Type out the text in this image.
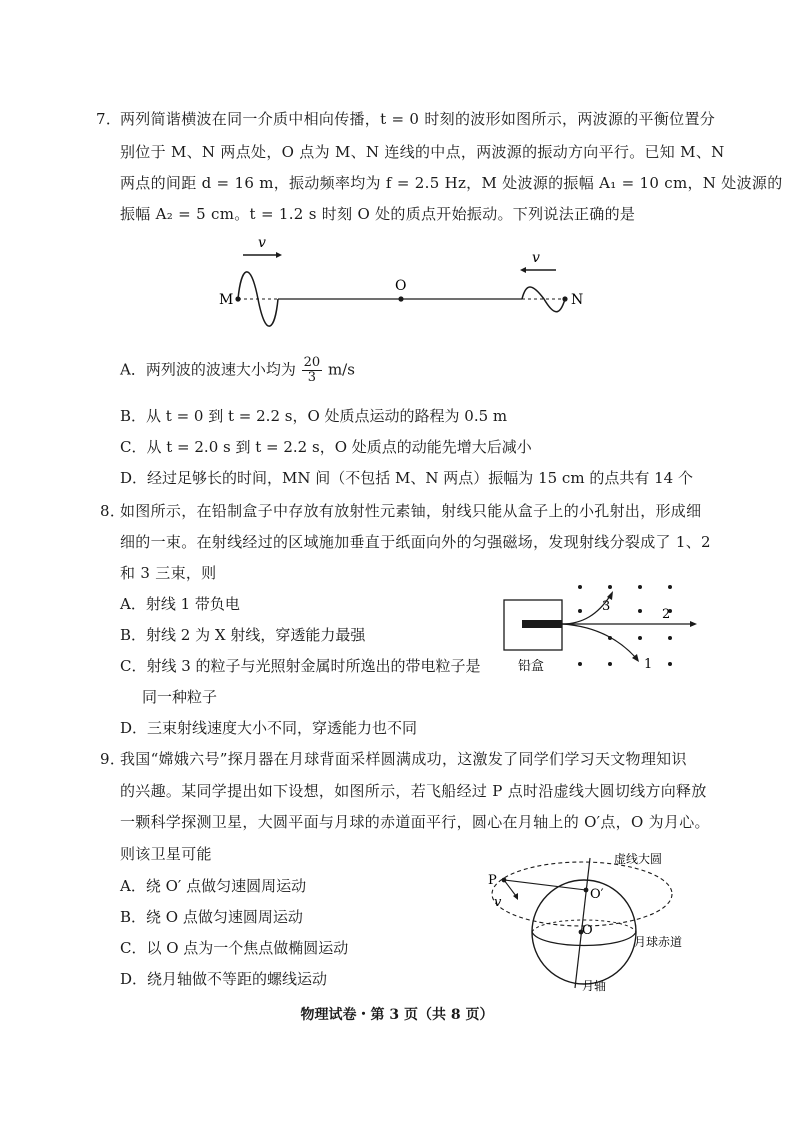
7．
两列简谐横波在同一介质中相向传播，t = 0 时刻的波形如图所示，两波源的平衡位置分
别位于 M、N 两点处，O 点为 M、N 连线的中点，两波源的振动方向平行。已知 M、N
两点的间距 d = 16 m，振动频率均为 f = 2.5 Hz，M 处波源的振幅 A₁ = 10 cm，N 处波源的
振幅 A₂ = 5 cm。t = 1.2 s 时刻 O 处的质点开始振动。下列说法正确的是
v
v
M
O
N
A．两列波的波速大小均为 $\frac{20}{3} m/s$
B．从 t = 0 到 t = 2.2 s，O 处质点运动的路程为 0.5 m
C．从 t = 2.0 s 到 t = 2.2 s，O 处质点的动能先增大后减小
D．经过足够长的时间，MN 间（不包括 M、N 两点）振幅为 15 cm 的点共有 14 个
8．
如图所示，在铅制盒子中存放有放射性元素铀，射线只能从盒子上的小孔射出，形成细
细的一束。在射线经过的区域施加垂直于纸面向外的匀强磁场，发现射线分裂成了 1、2
和 3 三束，则
A．射线 1 带负电
B．射线 2 为 X 射线，穿透能力最强
C．射线 3 的粒子与光照射金属时所逸出的带电粒子是
同一种粒子
D．三束射线速度大小不同，穿透能力也不同
3
2
1
铅盒
9．
我国“嫦娥六号”探月器在月球背面采样圆满成功，这激发了同学们学习天文物理知识
的兴趣。某同学提出如下设想，如图所示，若飞船经过 P 点时沿虚线大圆切线方向释放
一颗科学探测卫星，大圆平面与月球的赤道面平行，圆心在月轴上的 O′点，O 为月心。
则该卫星可能
A．绕 O′ 点做匀速圆周运动
B．绕 O 点做匀速圆周运动
C．以 O 点为一个焦点做椭圆运动
D．绕月轴做不等距的螺线运动
P
v
O′
O
虚线大圆
月球赤道
月轴
物理试卷・第 3 页（共 8 页）
